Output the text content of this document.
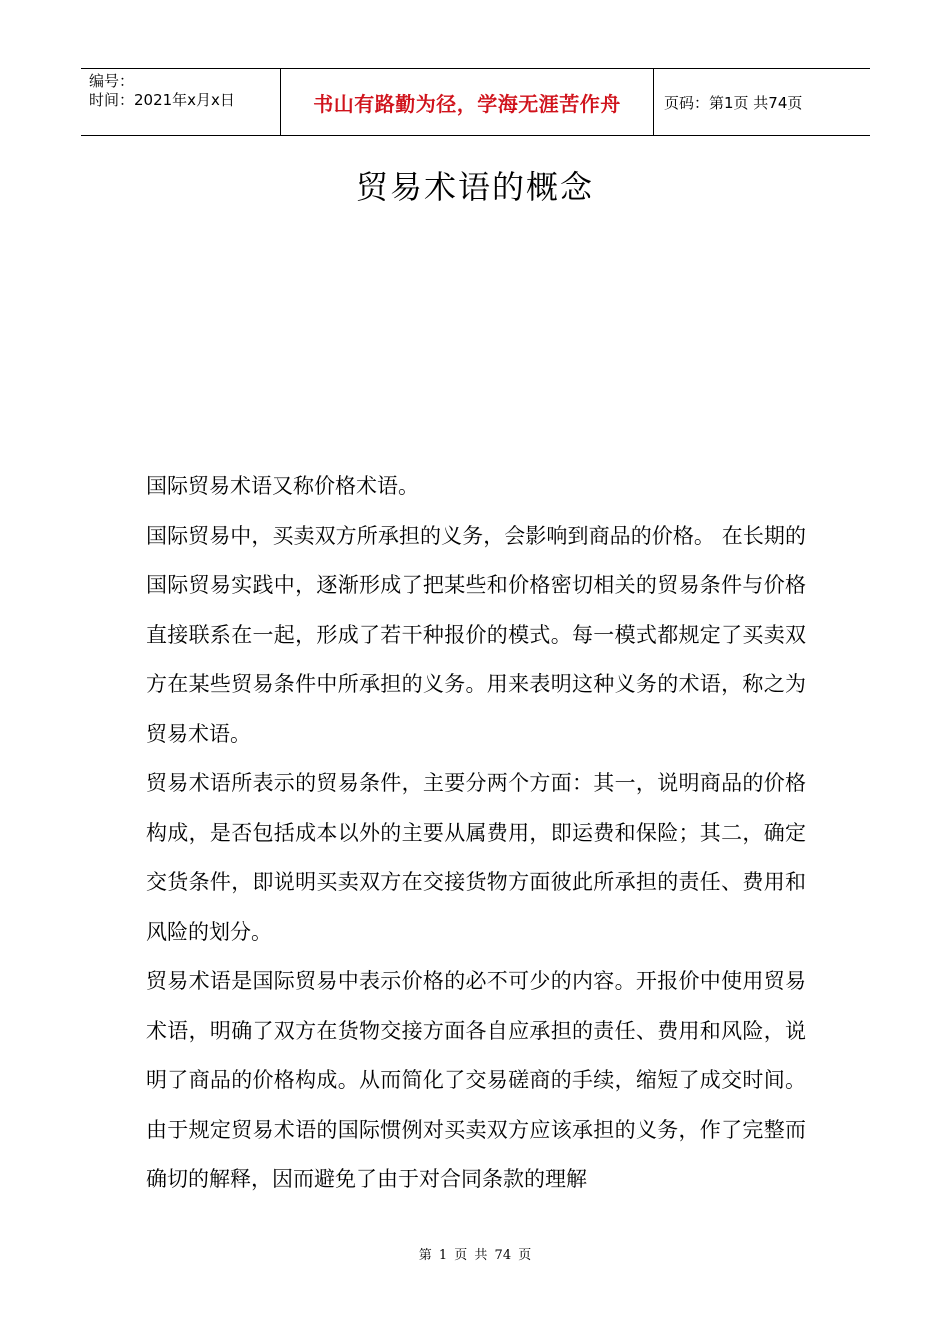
编号：
时间：2021年x月x日	书山有路勤为径，学海无涯苦作舟	页码：第1页 共74页
贸易术语的概念

国际贸易术语又称价格术语。

国际贸易中，买卖双方所承担的义务，会影响到商品的价格。 在长期的国际贸易实践中，逐渐形成了把某些和价格密切相关的贸易条件与价格直接联系在一起，形成了若干种报价的模式。每一模式都规定了买卖双方在某些贸易条件中所承担的义务。用来表明这种义务的术语，称之为贸易术语。

贸易术语所表示的贸易条件，主要分两个方面：其一，说明商品的价格构成，是否包括成本以外的主要从属费用，即运费和保险；其二，确定交货条件，即说明买卖双方在交接货物方面彼此所承担的责任、费用和风险的划分。

贸易术语是国际贸易中表示价格的必不可少的内容。开报价中使用贸易术语，明确了双方在货物交接方面各自应承担的责任、费用和风险，说明了商品的价格构成。从而简化了交易磋商的手续，缩短了成交时间。由于规定贸易术语的国际惯例对买卖双方应该承担的义务，作了完整而确切的解释，因而避免了由于对合同条款的理解

第 1 页 共 74 页
